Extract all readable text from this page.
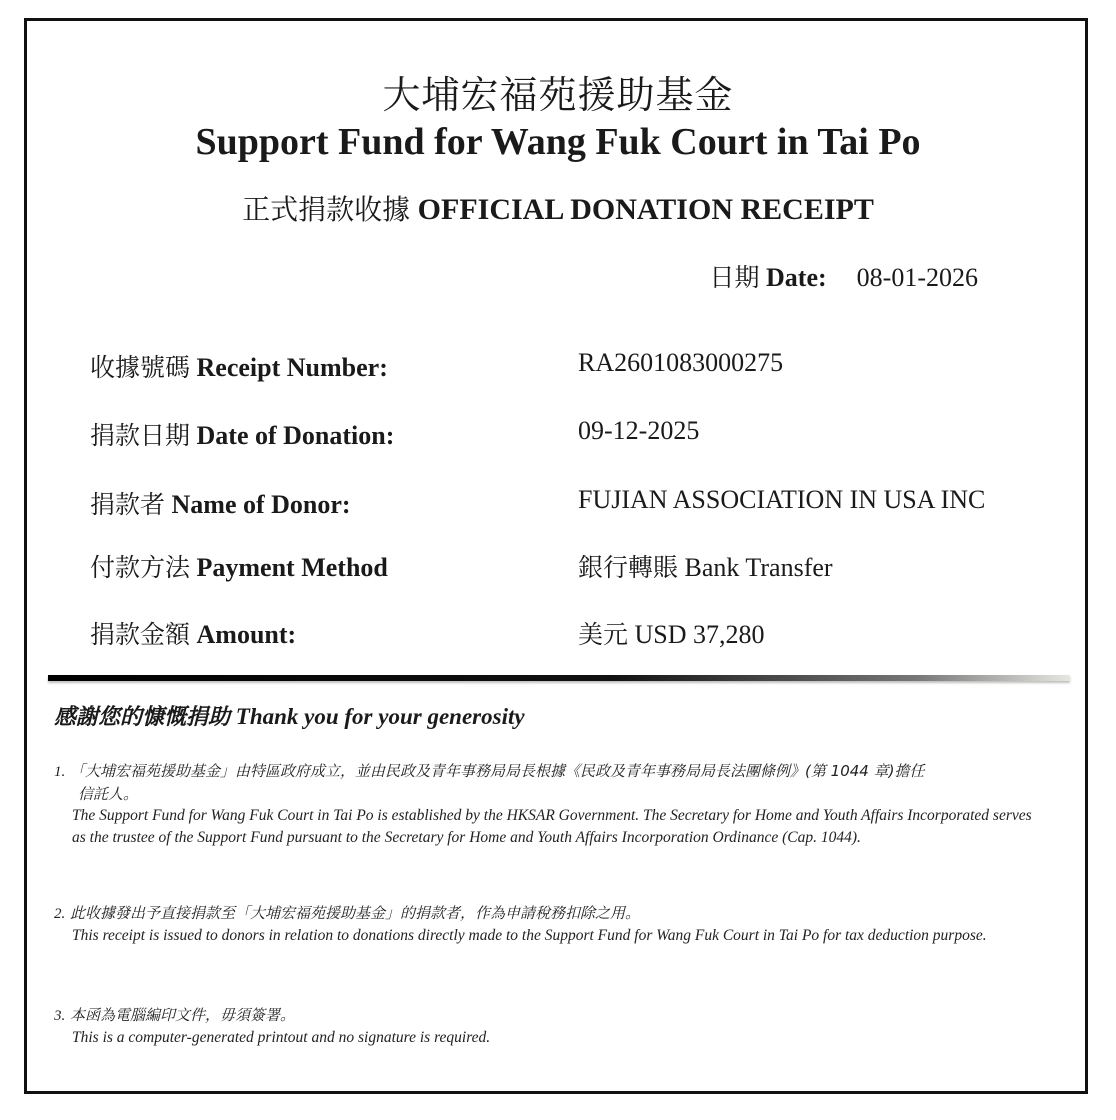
大埔宏福苑援助基金
Support Fund for Wang Fuk Court in Tai Po
正式捐款收據 OFFICIAL DONATION RECEIPT
日期 Date: 08-01-2026
收據號碼 Receipt Number:	RA2601083000275
捐款日期 Date of Donation:	09-12-2025
捐款者 Name of Donor:	FUJIAN ASSOCIATION IN USA INC
付款方法 Payment Method	銀行轉賬 Bank Transfer
捐款金額 Amount:	美元 USD 37,280
感謝您的慷慨捐助 Thank you for your generosity
1. 「大埔宏福苑援助基金」由特區政府成立，並由民政及青年事務局局長根據《民政及青年事務局局長法團條例》(第 1044 章)擔任
信託人。
The Support Fund for Wang Fuk Court in Tai Po is established by the HKSAR Government. The Secretary for Home and Youth Affairs Incorporated serves as the trustee of the Support Fund pursuant to the Secretary for Home and Youth Affairs Incorporation Ordinance (Cap. 1044).
2. 此收據發出予直接捐款至「大埔宏福苑援助基金」的捐款者，作為申請稅務扣除之用。
This receipt is issued to donors in relation to donations directly made to the Support Fund for Wang Fuk Court in Tai Po for tax deduction purpose.
3. 本函為電腦編印文件，毋須簽署。
This is a computer-generated printout and no signature is required.
